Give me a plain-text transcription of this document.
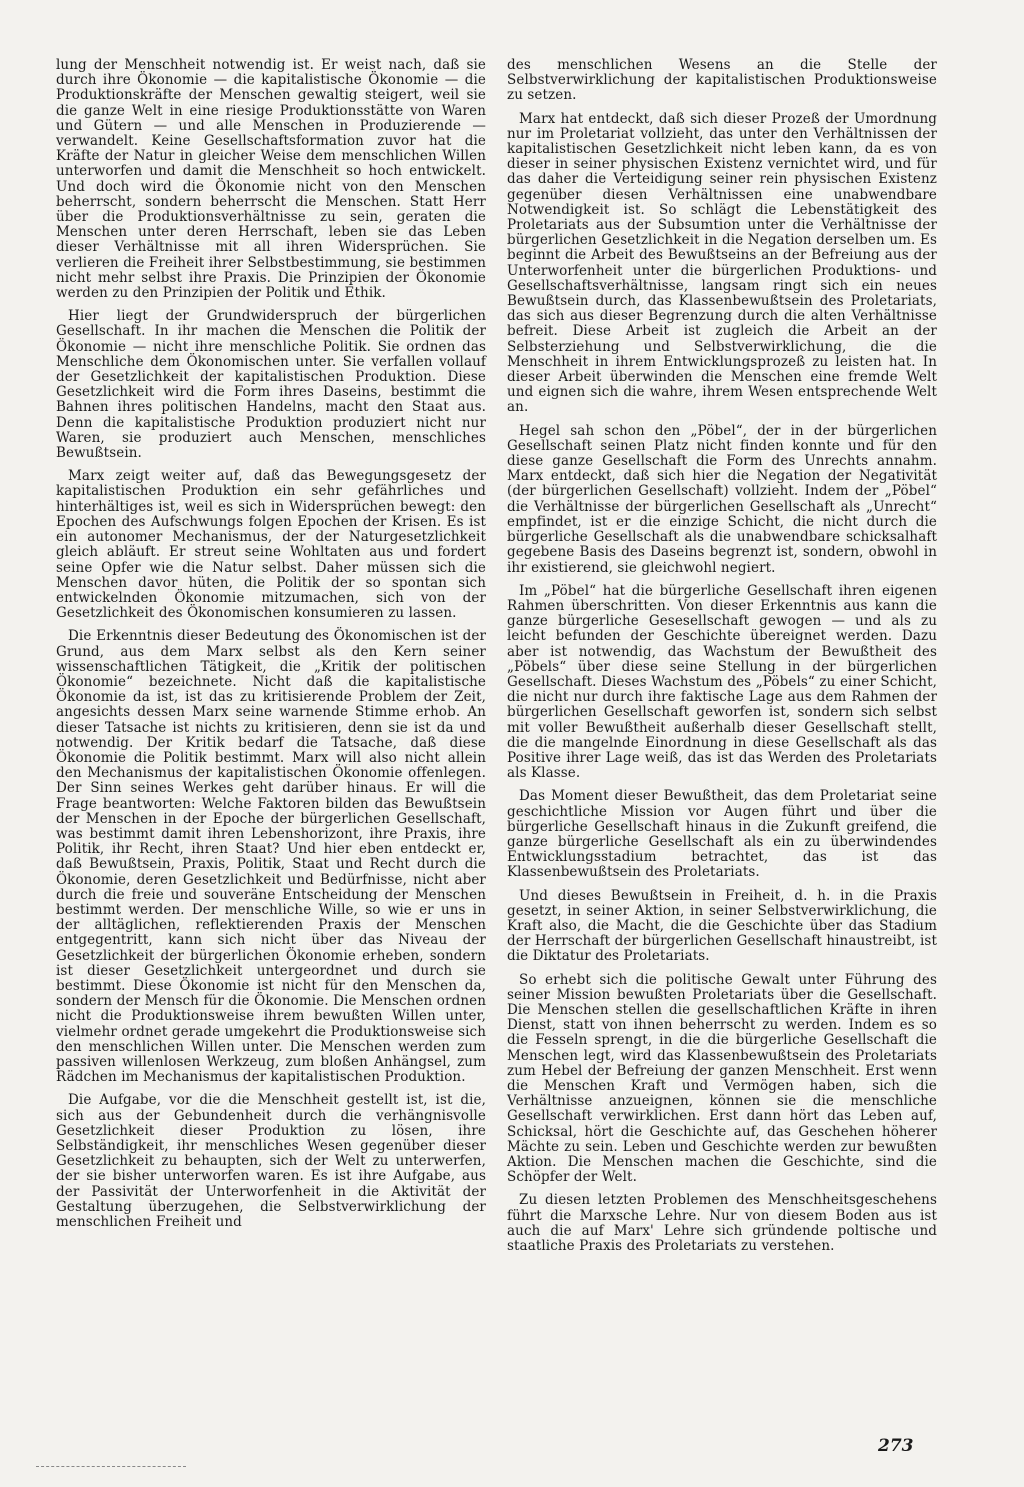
lung der Menschheit notwendig ist. Er weist nach, daß sie durch ihre Ökonomie — die kapitalistische Ökonomie — die Produktionskräfte der Menschen gewaltig steigert, weil sie die ganze Welt in eine riesige Produktionsstätte von Waren und Gütern — und alle Menschen in Produzierende — verwandelt. Keine Gesellschaftsformation zuvor hat die Kräfte der Natur in gleicher Weise dem menschlichen Willen unterworfen und damit die Menschheit so hoch entwickelt. Und doch wird die Ökonomie nicht von den Menschen beherrscht, sondern beherrscht die Menschen. Statt Herr über die Produktionsverhältnisse zu sein, geraten die Menschen unter deren Herrschaft, leben sie das Leben dieser Verhältnisse mit all ihren Widersprüchen. Sie verlieren die Freiheit ihrer Selbstbestimmung, sie bestimmen nicht mehr selbst ihre Praxis. Die Prinzipien der Ökonomie werden zu den Prinzipien der Politik und Ethik.

Hier liegt der Grundwiderspruch der bürgerlichen Gesellschaft. In ihr machen die Menschen die Politik der Ökonomie — nicht ihre menschliche Politik. Sie ordnen das Menschliche dem Ökonomischen unter. Sie verfallen vollauf der Gesetzlichkeit der kapitalistischen Produktion. Diese Gesetzlichkeit wird die Form ihres Daseins, bestimmt die Bahnen ihres politischen Handelns, macht den Staat aus. Denn die kapitalistische Produktion produziert nicht nur Waren, sie produziert auch Menschen, menschliches Bewußtsein.

Marx zeigt weiter auf, daß das Bewegungsgesetz der kapitalistischen Produktion ein sehr gefährliches und hinterhältiges ist, weil es sich in Widersprüchen bewegt: den Epochen des Aufschwungs folgen Epochen der Krisen. Es ist ein autonomer Mechanismus, der der Naturgesetzlichkeit gleich abläuft. Er streut seine Wohltaten aus und fordert seine Opfer wie die Natur selbst. Daher müssen sich die Menschen davor hüten, die Politik der so spontan sich entwickelnden Ökonomie mitzumachen, sich von der Gesetzlichkeit des Ökonomischen konsumieren zu lassen.

Die Erkenntnis dieser Bedeutung des Ökonomischen ist der Grund, aus dem Marx selbst als den Kern seiner wissenschaftlichen Tätigkeit, die „Kritik der politischen Ökonomie“ bezeichnete. Nicht daß die kapitalistische Ökonomie da ist, ist das zu kritisierende Problem der Zeit, angesichts dessen Marx seine warnende Stimme erhob. An dieser Tatsache ist nichts zu kritisieren, denn sie ist da und notwendig. Der Kritik bedarf die Tatsache, daß diese Ökonomie die Politik bestimmt. Marx will also nicht allein den Mechanismus der kapitalistischen Ökonomie offenlegen. Der Sinn seines Werkes geht darüber hinaus. Er will die Frage beantworten: Welche Faktoren bilden das Bewußtsein der Menschen in der Epoche der bürgerlichen Gesellschaft, was bestimmt damit ihren Lebenshorizont, ihre Praxis, ihre Politik, ihr Recht, ihren Staat? Und hier eben entdeckt er, daß Bewußtsein, Praxis, Politik, Staat und Recht durch die Ökonomie, deren Gesetzlichkeit und Bedürfnisse, nicht aber durch die freie und souveräne Entscheidung der Menschen bestimmt werden. Der menschliche Wille, so wie er uns in der alltäglichen, reflektierenden Praxis der Menschen entgegentritt, kann sich nicht über das Niveau der Gesetzlichkeit der bürgerlichen Ökonomie erheben, sondern ist dieser Gesetzlichkeit untergeordnet und durch sie bestimmt. Diese Ökonomie ist nicht für den Menschen da, sondern der Mensch für die Ökonomie. Die Menschen ordnen nicht die Produktionsweise ihrem bewußten Willen unter, vielmehr ordnet gerade umgekehrt die Produktionsweise sich den menschlichen Willen unter. Die Menschen werden zum passiven willenlosen Werkzeug, zum bloßen Anhängsel, zum Rädchen im Mechanismus der kapitalistischen Produktion.

Die Aufgabe, vor die die Menschheit gestellt ist, ist die, sich aus der Gebundenheit durch die verhängnisvolle Gesetzlichkeit dieser Produktion zu lösen, ihre Selbständigkeit, ihr menschliches Wesen gegenüber dieser Gesetzlichkeit zu behaupten, sich der Welt zu unterwerfen, der sie bisher unterworfen waren. Es ist ihre Aufgabe, aus der Passivität der Unterworfenheit in die Aktivität der Gestaltung überzugehen, die Selbstverwirklichung der menschlichen Freiheit und

des menschlichen Wesens an die Stelle der Selbstverwirklichung der kapitalistischen Produktionsweise zu setzen.

Marx hat entdeckt, daß sich dieser Prozeß der Umordnung nur im Proletariat vollzieht, das unter den Verhältnissen der kapitalistischen Gesetzlichkeit nicht leben kann, da es von dieser in seiner physischen Existenz vernichtet wird, und für das daher die Verteidigung seiner rein physischen Existenz gegenüber diesen Verhältnissen eine unabwendbare Notwendigkeit ist. So schlägt die Lebenstätigkeit des Proletariats aus der Subsumtion unter die Verhältnisse der bürgerlichen Gesetzlichkeit in die Negation derselben um. Es beginnt die Arbeit des Bewußtseins an der Befreiung aus der Unterworfenheit unter die bürgerlichen Produktions- und Gesellschaftsverhältnisse, langsam ringt sich ein neues Bewußtsein durch, das Klassenbewußtsein des Proletariats, das sich aus dieser Begrenzung durch die alten Verhältnisse befreit. Diese Arbeit ist zugleich die Arbeit an der Selbsterziehung und Selbstverwirklichung, die die Menschheit in ihrem Entwicklungsprozeß zu leisten hat. In dieser Arbeit überwinden die Menschen eine fremde Welt und eignen sich die wahre, ihrem Wesen entsprechende Welt an.

Hegel sah schon den „Pöbel“, der in der bürgerlichen Gesellschaft seinen Platz nicht finden konnte und für den diese ganze Gesellschaft die Form des Unrechts annahm. Marx entdeckt, daß sich hier die Negation der Negativität (der bürgerlichen Gesellschaft) vollzieht. Indem der „Pöbel“ die Verhältnisse der bürgerlichen Gesellschaft als „Unrecht“ empfindet, ist er die einzige Schicht, die nicht durch die bürgerliche Gesellschaft als die unabwendbare schicksalhaft gegebene Basis des Daseins begrenzt ist, sondern, obwohl in ihr existierend, sie gleichwohl negiert.

Im „Pöbel“ hat die bürgerliche Gesellschaft ihren eigenen Rahmen überschritten. Von dieser Erkenntnis aus kann die ganze bürgerliche Gesesellschaft gewogen — und als zu leicht befunden der Geschichte übereignet werden. Dazu aber ist notwendig, das Wachstum der Bewußtheit des „Pöbels“ über diese seine Stellung in der bürgerlichen Gesellschaft. Dieses Wachstum des „Pöbels“ zu einer Schicht, die nicht nur durch ihre faktische Lage aus dem Rahmen der bürgerlichen Gesellschaft geworfen ist, sondern sich selbst mit voller Bewußtheit außerhalb dieser Gesellschaft stellt, die die mangelnde Einordnung in diese Gesellschaft als das Positive ihrer Lage weiß, das ist das Werden des Proletariats als Klasse.

Das Moment dieser Bewußtheit, das dem Proletariat seine geschichtliche Mission vor Augen führt und über die bürgerliche Gesellschaft hinaus in die Zukunft greifend, die ganze bürgerliche Gesellschaft als ein zu überwindendes Entwicklungsstadium betrachtet, das ist das Klassenbewußtsein des Proletariats.

Und dieses Bewußtsein in Freiheit, d. h. in die Praxis gesetzt, in seiner Aktion, in seiner Selbstverwirklichung, die Kraft also, die Macht, die die Geschichte über das Stadium der Herrschaft der bürgerlichen Gesellschaft hinaustreibt, ist die Diktatur des Proletariats.

So erhebt sich die politische Gewalt unter Führung des seiner Mission bewußten Proletariats über die Gesellschaft. Die Menschen stellen die gesellschaftlichen Kräfte in ihren Dienst, statt von ihnen beherrscht zu werden. Indem es so die Fesseln sprengt, in die die bürgerliche Gesellschaft die Menschen legt, wird das Klassenbewußtsein des Proletariats zum Hebel der Befreiung der ganzen Menschheit. Erst wenn die Menschen Kraft und Vermögen haben, sich die Verhältnisse anzueignen, können sie die menschliche Gesellschaft verwirklichen. Erst dann hört das Leben auf, Schicksal, hört die Geschichte auf, das Geschehen höherer Mächte zu sein. Leben und Geschichte werden zur bewußten Aktion. Die Menschen machen die Geschichte, sind die Schöpfer der Welt.

Zu diesen letzten Problemen des Menschheitsgeschehens führt die Marxsche Lehre. Nur von diesem Boden aus ist auch die auf Marx' Lehre sich gründende poltische und staatliche Praxis des Proletariats zu verstehen.

273
